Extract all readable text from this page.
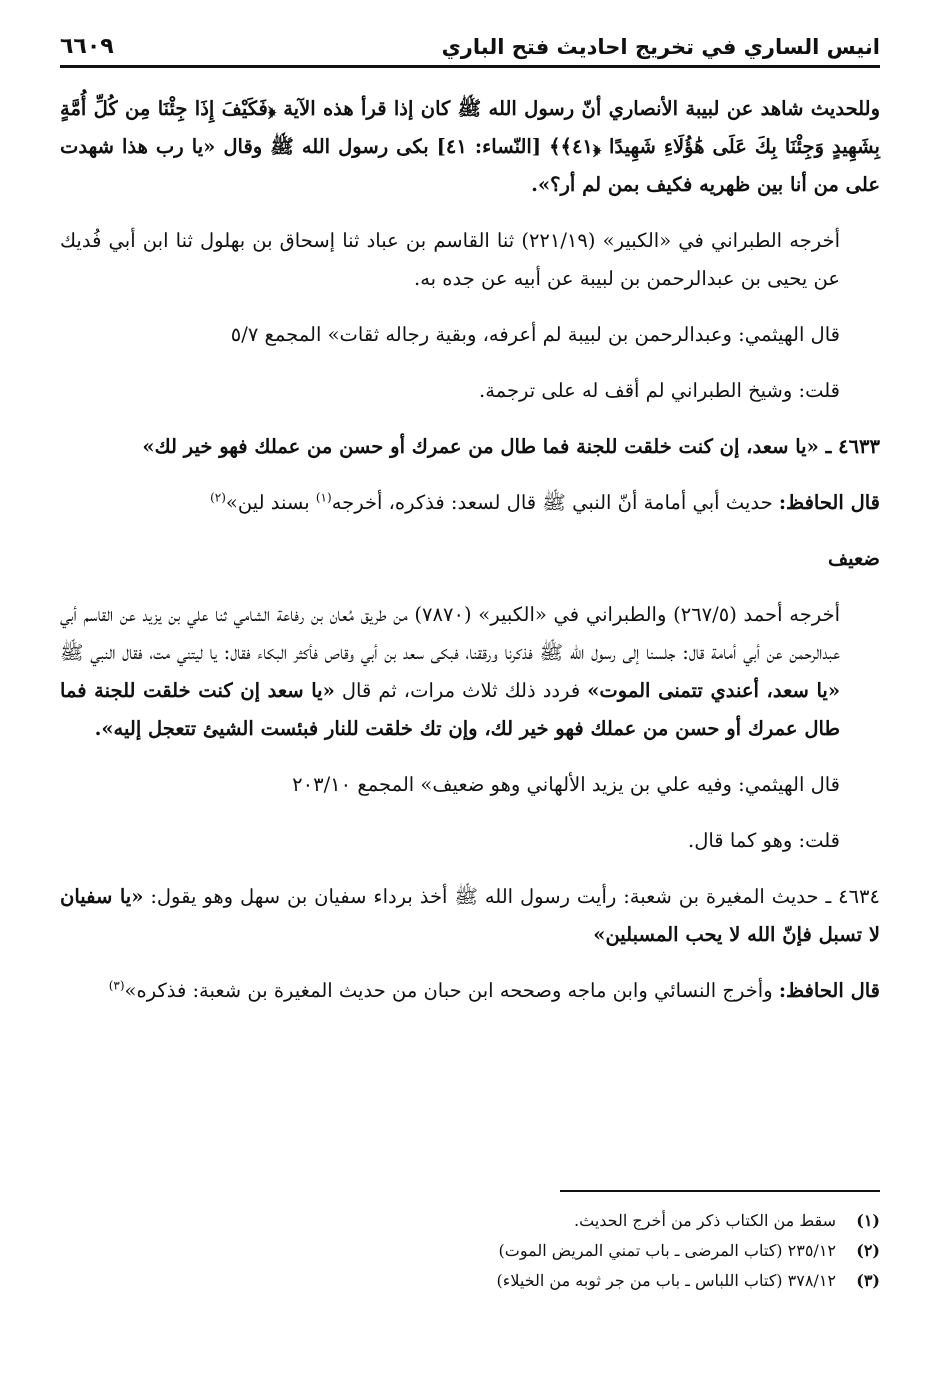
انيس الساري في تخريج احاديث فتح الباري
٦٦٠٩

وللحديث شاهد عن لبيبة الأنصاري أنّ رسول الله ﷺ كان إذا قرأ هذه الآية ﴿فَكَيْفَ إِذَا جِئْنَا مِن كُلِّ أُمَّةٍ بِشَهِيدٍ وَجِئْنَا بِكَ عَلَى هَٰؤُلَاءِ شَهِيدًا ﴿٤١﴾﴾ [النّساء: ٤١] بكى رسول الله ﷺ وقال «يا رب هذا شهدت على من أنا بين ظهريه فكيف بمن لم أر؟».

أخرجه الطبراني في «الكبير» (٢٢١/١٩) ثنا القاسم بن عباد ثنا إسحاق بن بهلول ثنا ابن أبي فُديك عن يحيى بن عبدالرحمن بن لبيبة عن أبيه عن جده به.

قال الهيثمي: وعبدالرحمن بن لبيبة لم أعرفه، وبقية رجاله ثقات» المجمع ٥/٧

قلت: وشيخ الطبراني لم أقف له على ترجمة.

٤٦٣٣ ـ «يا سعد، إن كنت خلقت للجنة فما طال من عمرك أو حسن من عملك فهو خير لك»

قال الحافظ: حديث أبي أمامة أنّ النبي ﷺ قال لسعد: فذكره، أخرجه$^{(١)}$ بسند لين»$^{(٢)}$

ضعيف

أخرجه أحمد (٢٦٧/٥) والطبراني في «الكبير» (٧٨٧٠) من طريق مُعان بن رفاعة الشامي ثنا علي بن يزيد عن القاسم أبي عبدالرحمن عن أبي أمامة قال: جلسنا إلى رسول الله ﷺ فذكرنا ورققنا، فبكى سعد بن أبي وقاص فأكثر البكاء فقال: يا ليتني مت، فقال النبي ﷺ «يا سعد، أعندي تتمنى الموت» فردد ذلك ثلاث مرات، ثم قال «يا سعد إن كنت خلقت للجنة فما طال عمرك أو حسن من عملك فهو خير لك، وإن تك خلقت للنار فبئست الشيئ تتعجل إليه».

قال الهيثمي: وفيه علي بن يزيد الألهاني وهو ضعيف» المجمع ٢٠٣/١٠

قلت: وهو كما قال.

٤٦٣٤ ـ حديث المغيرة بن شعبة: رأيت رسول الله ﷺ أخذ برداء سفيان بن سهل وهو يقول: «يا سفيان لا تسبل فإنّ الله لا يحب المسبلين»

قال الحافظ: وأخرج النسائي وابن ماجه وصححه ابن حبان من حديث المغيرة بن شعبة: فذكره»$^{(٣)}$

(١)
سقط من الكتاب ذكر من أخرج الحديث.
(٢)
٢٣٥/١٢ (كتاب المرضى ـ باب تمني المريض الموت)
(٣)
٣٧٨/١٢ (كتاب اللباس ـ باب من جر ثوبه من الخيلاء)
